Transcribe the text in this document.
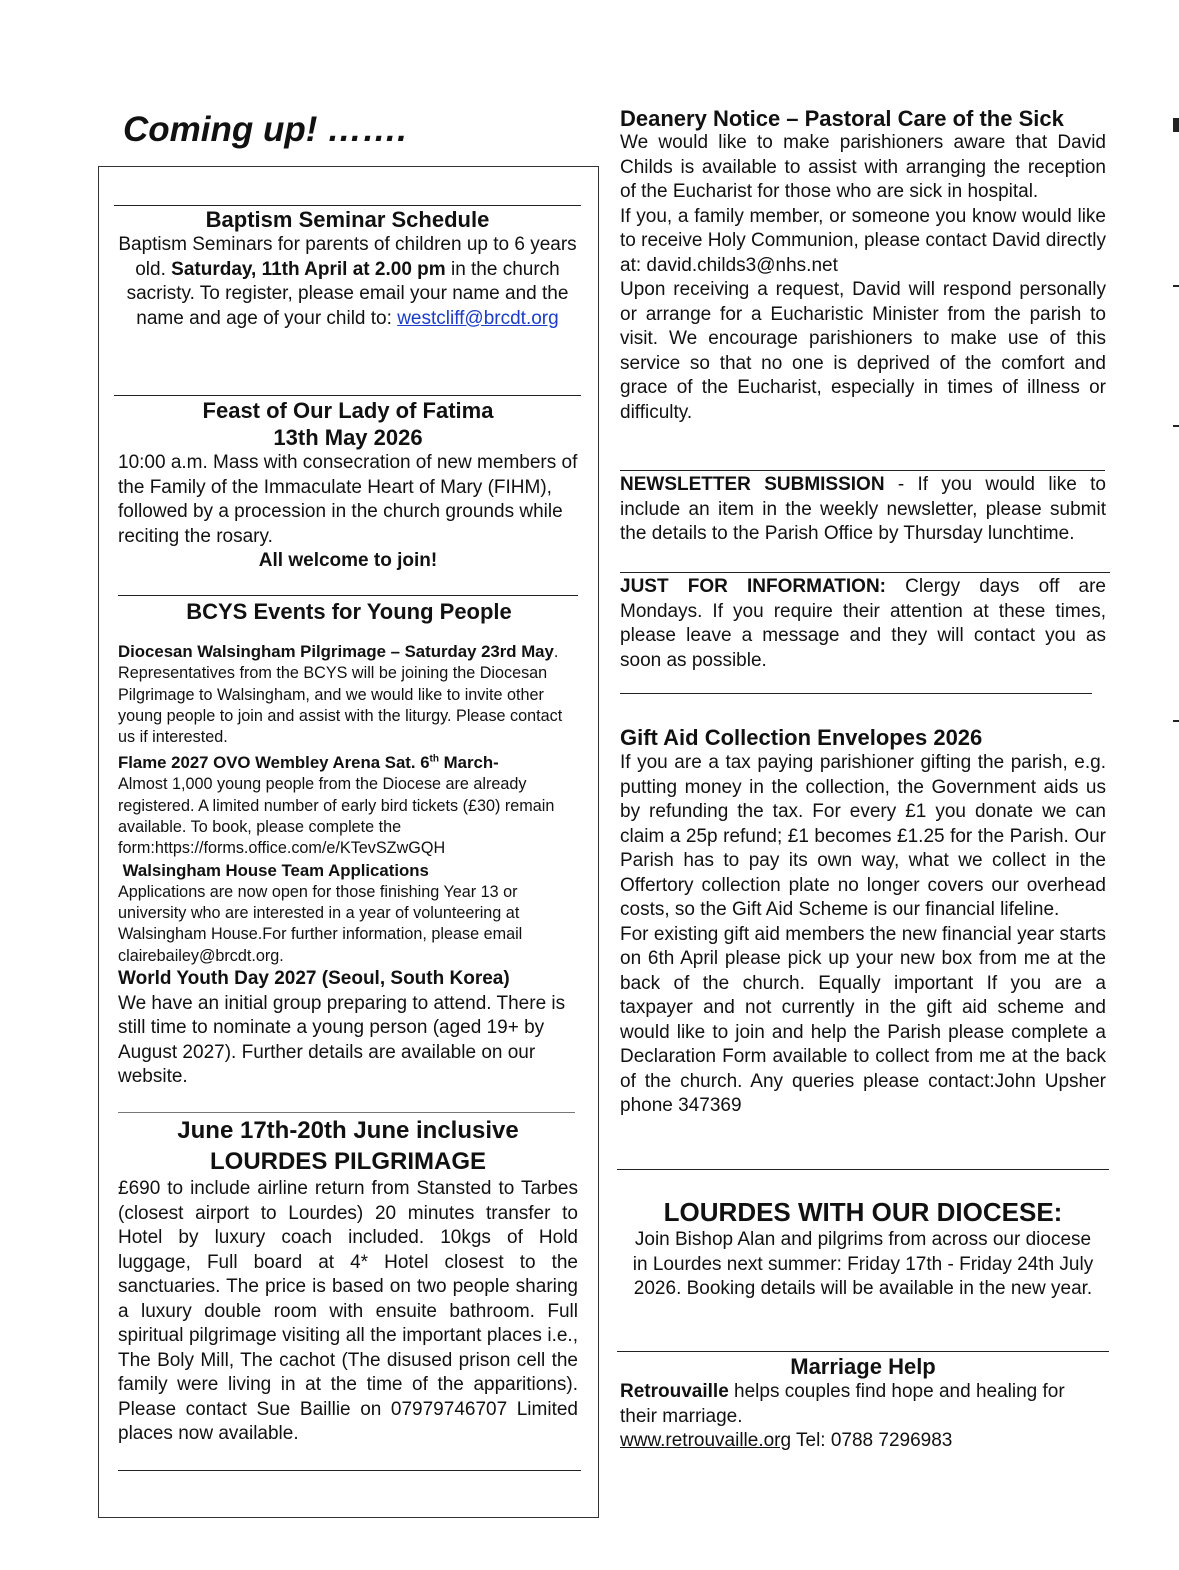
Coming up! …….
Baptism Seminar Schedule
Baptism Seminars for parents of children up to 6 years old. Saturday, 11th April at 2.00 pm in the church sacristy. To register, please email your name and the name and age of your child to: westcliff@brcdt.org
Feast of Our Lady of Fatima
13th May 2026
10:00 a.m. Mass with consecration of new members of the Family of the Immaculate Heart of Mary (FIHM), followed by a procession in the church grounds while reciting the rosary.
All welcome to join!
BCYS Events for Young People
Diocesan Walsingham Pilgrimage – Saturday 23rd May. Representatives from the BCYS will be joining the Diocesan Pilgrimage to Walsingham, and we would like to invite other young people to join and assist with the liturgy. Please contact us if interested.
Flame 2027 OVO Wembley Arena Sat. 6th March-
Almost 1,000 young people from the Diocese are already registered. A limited number of early bird tickets (£30) remain available. To book, please complete the form:https://forms.office.com/e/KTevSZwGQH
Walsingham House Team Applications
Applications are now open for those finishing Year 13 or university who are interested in a year of volunteering at Walsingham House.For further information, please email clairebailey@brcdt.org.
World Youth Day 2027 (Seoul, South Korea)
We have an initial group preparing to attend. There is still time to nominate a young person (aged 19+ by August 2027). Further details are available on our website.
June 17th-20th June inclusive
LOURDES PILGRIMAGE
£690 to include airline return from Stansted to Tarbes (closest airport to Lourdes) 20 minutes transfer to Hotel by luxury coach included. 10kgs of Hold luggage, Full board at 4* Hotel closest to the sanctuaries. The price is based on two people sharing a luxury double room with ensuite bathroom. Full spiritual pilgrimage visiting all the important places i.e., The Boly Mill, The cachot (The disused prison cell the family were living in at the time of the apparitions). Please contact Sue Baillie on 07979746707 Limited places now available.
Deanery Notice – Pastoral Care of the Sick
We would like to make parishioners aware that David Childs is available to assist with arranging the reception of the Eucharist for those who are sick in hospital.
If you, a family member, or someone you know would like to receive Holy Communion, please contact David directly at: david.childs3@nhs.net
Upon receiving a request, David will respond personally or arrange for a Eucharistic Minister from the parish to visit. We encourage parishioners to make use of this service so that no one is deprived of the comfort and grace of the Eucharist, especially in times of illness or difficulty.
NEWSLETTER SUBMISSION - If you would like to include an item in the weekly newsletter, please submit the details to the Parish Office by Thursday lunchtime.
JUST FOR INFORMATION: Clergy days off are Mondays. If you require their attention at these times, please leave a message and they will contact you as soon as possible.
Gift Aid Collection Envelopes 2026
If you are a tax paying parishioner gifting the parish, e.g. putting money in the collection, the Government aids us by refunding the tax. For every £1 you donate we can claim a 25p refund; £1 becomes £1.25 for the Parish. Our Parish has to pay its own way, what we collect in the Offertory collection plate no longer covers our overhead costs, so the Gift Aid Scheme is our financial lifeline.
For existing gift aid members the new financial year starts on 6th April please pick up your new box from me at the back of the church. Equally important If you are a taxpayer and not currently in the gift aid scheme and would like to join and help the Parish please complete a Declaration Form available to collect from me at the back of the church. Any queries please contact:John Upsher phone 347369
LOURDES WITH OUR DIOCESE:
Join Bishop Alan and pilgrims from across our diocese in Lourdes next summer: Friday 17th - Friday 24th July 2026. Booking details will be available in the new year.
Marriage Help
Retrouvaille helps couples find hope and healing for their marriage.
www.retrouvaille.org Tel: 0788 7296983
